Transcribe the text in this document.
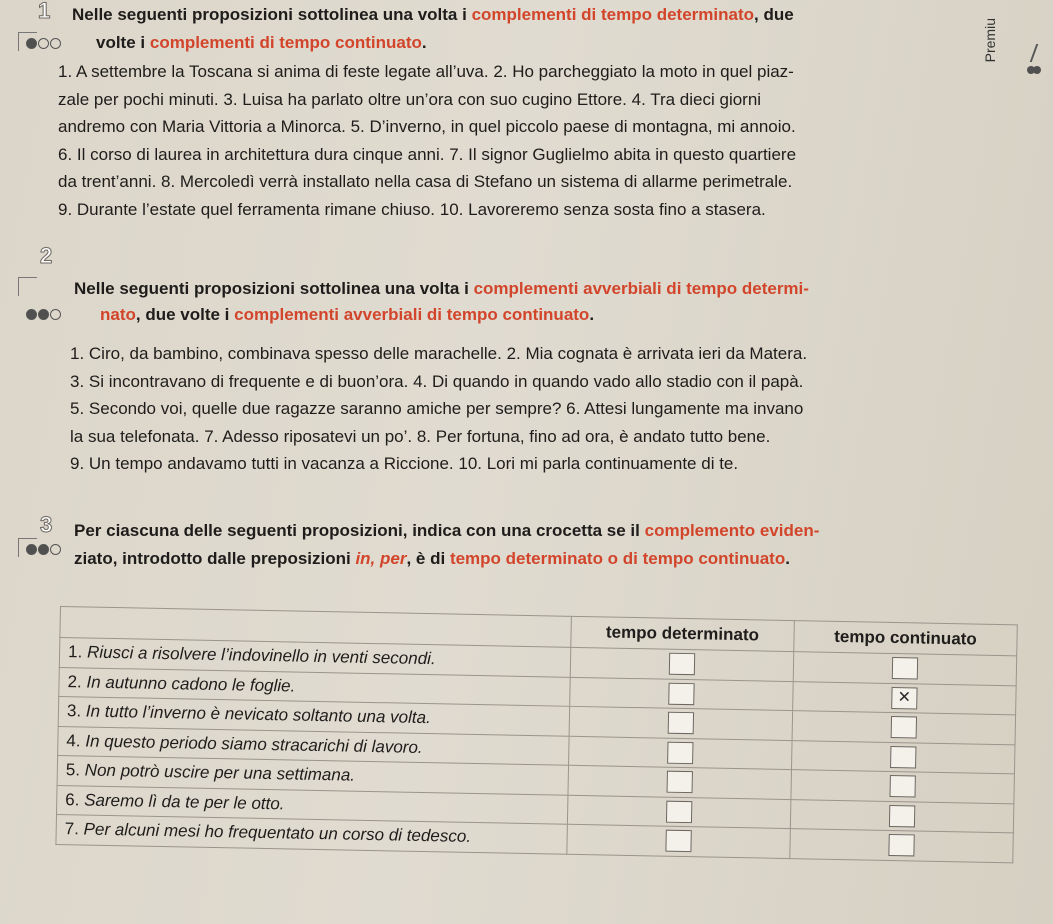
Premiu
1 Nelle seguenti proposizioni sottolinea una volta i complementi di tempo determinato, due
volte i complementi di tempo continuato.

1. A settembre la Toscana si anima di feste legate all’uva. 2. Ho parcheggiato la moto in quel piaz-

zale per pochi minuti. 3. Luisa ha parlato oltre un’ora con suo cugino Ettore. 4. Tra dieci giorni

andremo con Maria Vittoria a Minorca. 5. D’inverno, in quel piccolo paese di montagna, mi annoio.

6. Il corso di laurea in architettura dura cinque anni. 7. Il signor Guglielmo abita in questo quartiere

da trent’anni. 8. Mercoledì verrà installato nella casa di Stefano un sistema di allarme perimetrale.

9. Durante l’estate quel ferramenta rimane chiuso. 10. Lavoreremo senza sosta fino a stasera.

2
Nelle seguenti proposizioni sottolinea una volta i complementi avverbiali di tempo determi-
nato, due volte i complementi avverbiali di tempo continuato.

1. Ciro, da bambino, combinava spesso delle marachelle. 2. Mia cognata è arrivata ieri da Matera.

3. Si incontravano di frequente e di buon’ora. 4. Di quando in quando vado allo stadio con il papà.

5. Secondo voi, quelle due ragazze saranno amiche per sempre? 6. Attesi lungamente ma invano

la sua telefonata. 7. Adesso riposatevi un po’. 8. Per fortuna, fino ad ora, è andato tutto bene.

9. Un tempo andavamo tutti in vacanza a Riccione. 10. Lori mi parla continuamente di te.

3 Per ciascuna delle seguenti proposizioni, indica con una crocetta se il complemento eviden-
ziato, introdotto dalle preposizioni in, per, è di tempo determinato o di tempo continuato.
	tempo determinato	tempo continuato
1. Riusci a risolvere l’indovinello in venti secondi.		
2. In autunno cadono le foglie.		✕
3. In tutto l’inverno è nevicato soltanto una volta.		
4. In questo periodo siamo stracarichi di lavoro.		
5. Non potrò uscire per una settimana.		
6. Saremo lì da te per le otto.		
7. Per alcuni mesi ho frequentato un corso di tedesco.		
